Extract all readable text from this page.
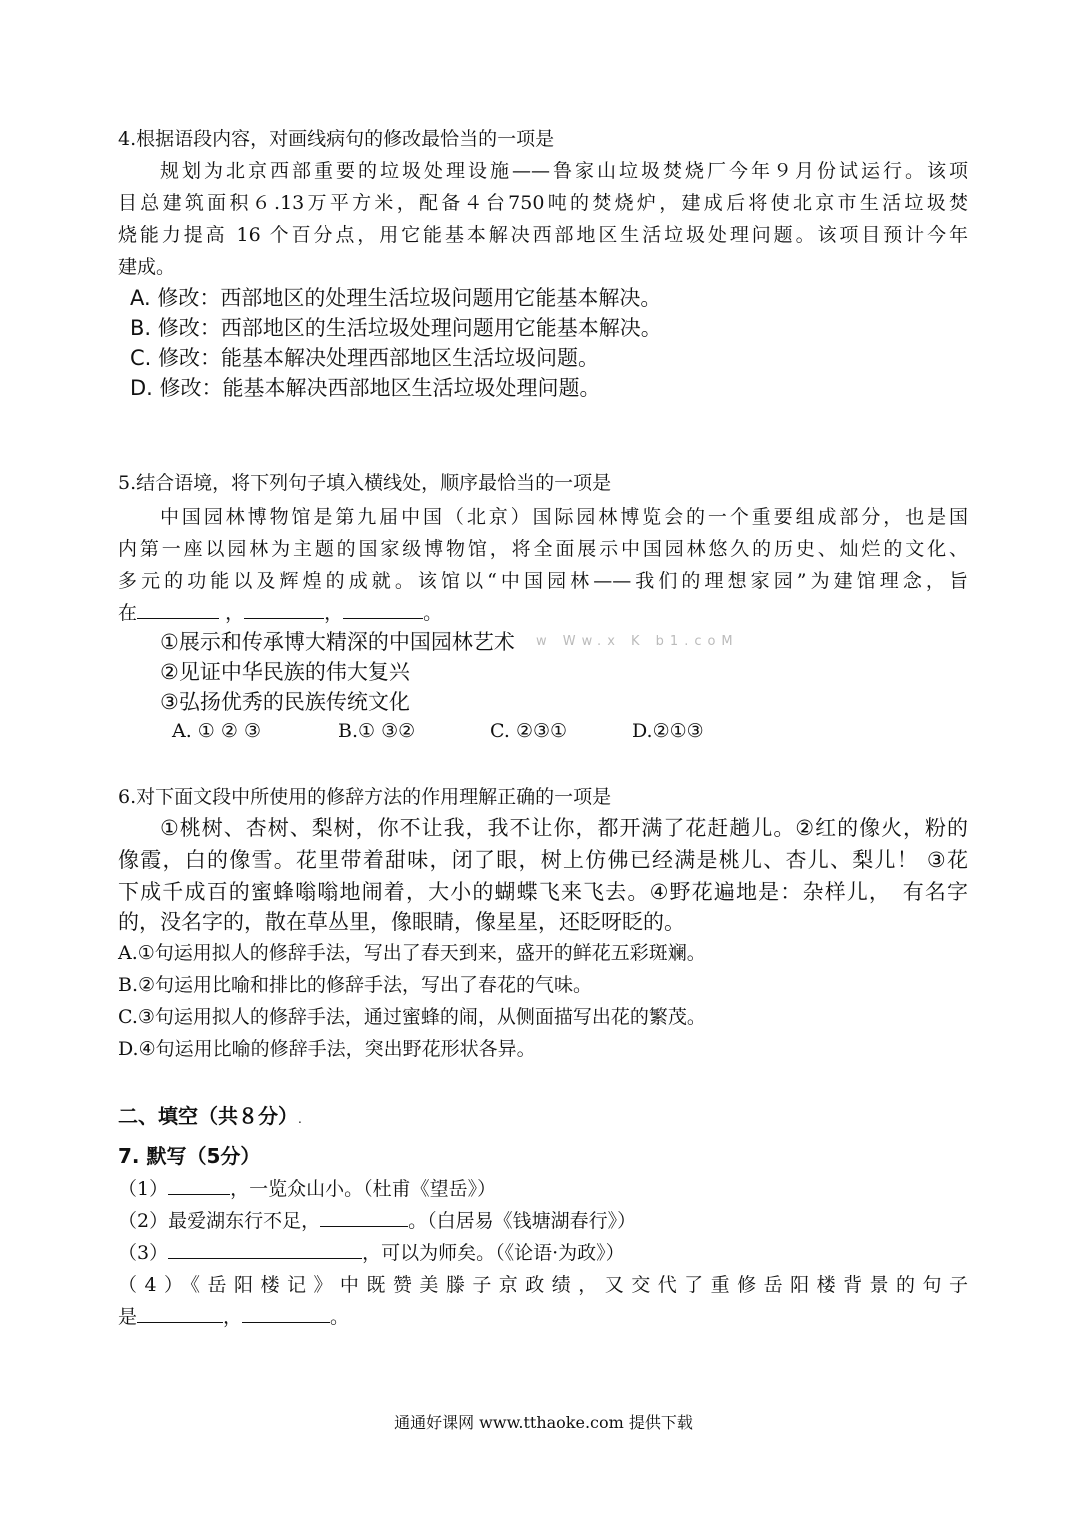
4.根据语段内容，对画线病句的修改最恰当的一项是
规划为北京西部重要的垃圾处理设施——鲁家山垃圾焚烧厂今年９月份试运行。该项
目总建筑面积６.13万平方米，配备４台750吨的焚烧炉，建成后将使北京市生活垃圾焚
烧能力提高 16 个百分点，用它能基本解决西部地区生活垃圾处理问题。该项目预计今年
建成。
A. 修改：西部地区的处理生活垃圾问题用它能基本解决。
B. 修改：西部地区的生活垃圾处理问题用它能基本解决。
C. 修改：能基本解决处理西部地区生活垃圾问题。
D. 修改：能基本解决西部地区生活垃圾处理问题。
5.结合语境，将下列句子填入横线处，顺序最恰当的一项是
中国园林博物馆是第九届中国（北京）国际园林博览会的一个重要组成部分，也是国
内第一座以园林为主题的国家级博物馆，将全面展示中国园林悠久的历史、灿烂的文化、
多元的功能以及辉煌的成就。该馆以“中国园林——我们的理想家园”为建馆理念，旨
在	，	，	。
①展示和传承博大精深的中国园林艺术 w Ww.x K b1.coM
②见证中华民族的伟大复兴
③弘扬优秀的民族传统文化
A. ① ② ③	B.① ③②	C. ②③①	D.②①③
6.对下面文段中所使用的修辞方法的作用理解正确的一项是
①桃树、杏树、梨树，你不让我，我不让你，都开满了花赶趟儿。②红的像火，粉的
像霞，白的像雪。花里带着甜味，闭了眼，树上仿佛已经满是桃儿、杏儿、梨儿！ ③花
下成千成百的蜜蜂嗡嗡地闹着，大小的蝴蝶飞来飞去。④野花遍地是：杂样儿，　有名字
的，没名字的，散在草丛里，像眼睛，像星星，还眨呀眨的。
A.①句运用拟人的修辞手法，写出了春天到来，盛开的鲜花五彩斑斓。
B.②句运用比喻和排比的修辞手法，写出了春花的气味。
C.③句运用拟人的修辞手法，通过蜜蜂的闹，从侧面描写出花的繁茂。
D.④句运用比喻的修辞手法，突出野花形状各异。
二、填空（共８分）.
7. 默写（5分）
（1）	，一览众山小。（杜甫《望岳》）
（2）最爱湖东行不足，	。（白居易《钱塘湖春行》）
（3）	，可以为师矣。（《论语·为政》）
（4）《岳阳楼记》中既赞美滕子京政绩，又交代了重修岳阳楼背景的句子
是	，	。
通通好课网 www.tthaoke.com 提供下载
